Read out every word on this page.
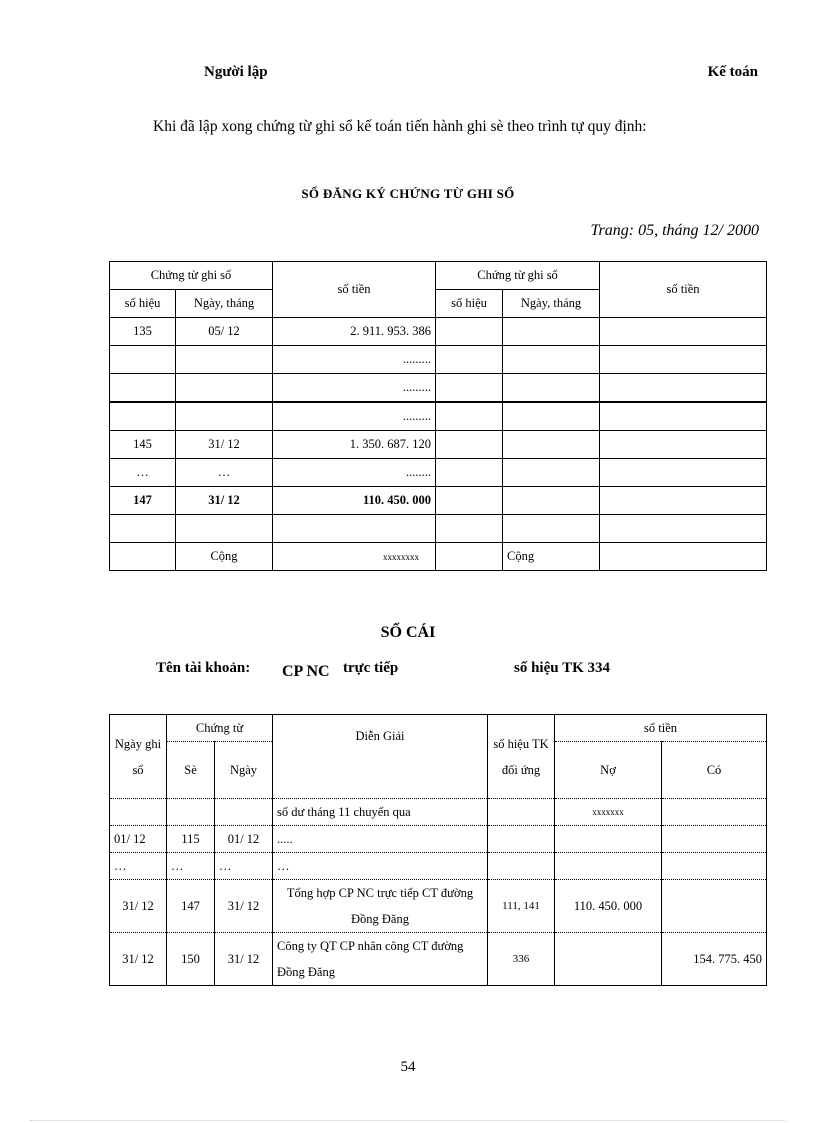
Người lập	Kế toán

Khi đã lập xong chứng từ ghi sổ kế toán tiến hành ghi sè theo trình tự quy định:

SỔ ĐĂNG KÝ CHỨNG TỪ GHI SỔ
Trang: 05, tháng 12/ 2000
Chứng từ ghi sổ		số tiền	Chứng từ ghi sổ		số tiền
số hiệu	Ngày, tháng		số hiệu	Ngày, tháng	
135	05/ 12	2. 911. 953. 386			
		.........			
		.........			
		.........			
145	31/ 12	1. 350. 687. 120			
…	…	........			
147	31/ 12	110. 450. 000			

	Cộng	xxxxxxxx		Cộng	
SỔ CÁI
Tên tài khoản: CP NC trực tiếp	số hiệu TK 334
Ngày ghi sổ	Chứng từ		Diễn Giải	số hiệu TK đối ứng	số tiền	
	Sè	Ngày			Nợ	Có
			số dư tháng 11 chuyển qua		xxxxxxx	
01/ 12	115	01/ 12	.....			
…	…	…	…			
31/ 12	147	31/ 12	Tổng hợp CP NC trực tiếp CT đường Đồng Đăng	111, 141	110. 450. 000	
31/ 12	150	31/ 12	Công ty QT CP nhân công CT đường Đồng Đăng	336		154. 775. 450
54
